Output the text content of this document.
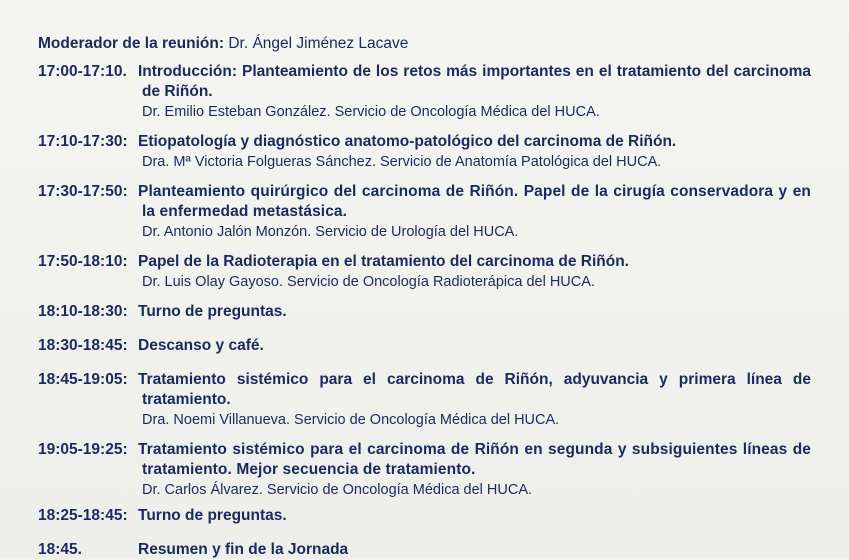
Moderador de la reunión: Dr. Ángel Jiménez Lacave

17:00-17:10. Introducción: Planteamiento de los retos más importantes en el tratamiento del carcinoma de Riñón.

Dr. Emilio Esteban González. Servicio de Oncología Médica del HUCA.

17:10-17:30: Etiopatología y diagnóstico anatomo-patológico del carcinoma de Riñón.

Dra. Mª Victoria Folgueras Sánchez. Servicio de Anatomía Patológica del HUCA.

17:30-17:50: Planteamiento quirúrgico del carcinoma de Riñón. Papel de la cirugía conservadora y en la enfermedad metastásica.

Dr. Antonio Jalón Monzón. Servicio de Urología del HUCA.

17:50-18:10: Papel de la Radioterapia en el tratamiento del carcinoma de Riñón.

Dr. Luis Olay Gayoso. Servicio de Oncología Radioterápica del HUCA.

18:10-18:30: Turno de preguntas.

18:30-18:45: Descanso y café.

18:45-19:05: Tratamiento sistémico para el carcinoma de Riñón, adyuvancia y primera línea de tratamiento.

Dra. Noemi Villanueva. Servicio de Oncología Médica del HUCA.

19:05-19:25: Tratamiento sistémico para el carcinoma de Riñón en segunda y subsiguientes líneas de tratamiento. Mejor secuencia de tratamiento.

Dr. Carlos Álvarez. Servicio de Oncología Médica del HUCA.

18:25-18:45: Turno de preguntas.

18:45.	Resumen y fin de la Jornada
